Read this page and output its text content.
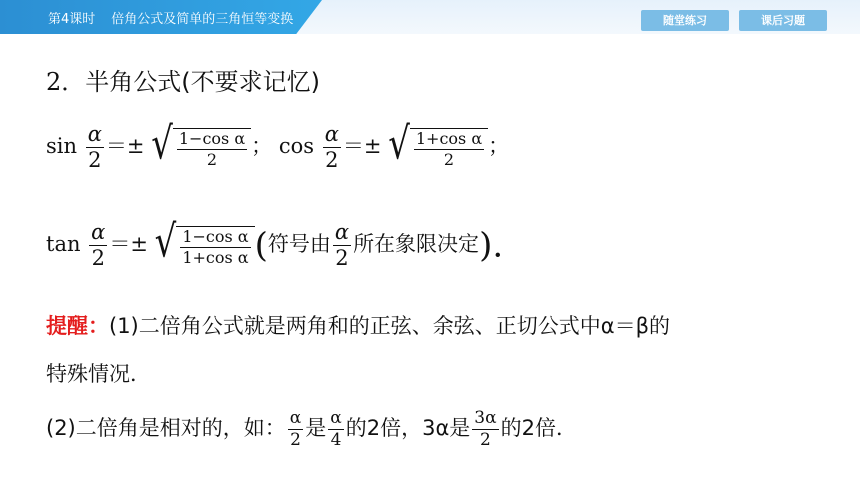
第4课时 倍角公式及简单的三角恒等变换	随堂练习	课后习题
2．半角公式(不要求记忆)
$\sin \frac{\alpha}{2}$ ＝± √ $\frac{\text{1−cos α}}{2}$ ； $\cos \frac{\alpha}{2}$ ＝± √ $\frac{\text{1+cos α}}{2}$ ；
$\tan \frac{\alpha}{2}$ ＝± √ $\frac{\text{1−cos α}}{\text{1+cos α}}$ (符号由 $\frac{\alpha}{2}$ 所在象限决定).
提醒：(1)二倍角公式就是两角和的正弦、余弦、正切公式中α＝β的
特殊情况．
(2)二倍角是相对的，如： $\frac{\alpha}{2}$ 是 $\frac{\alpha}{4}$ 的2倍，3α是 $\frac{3\alpha}{2}$ 的2倍．
